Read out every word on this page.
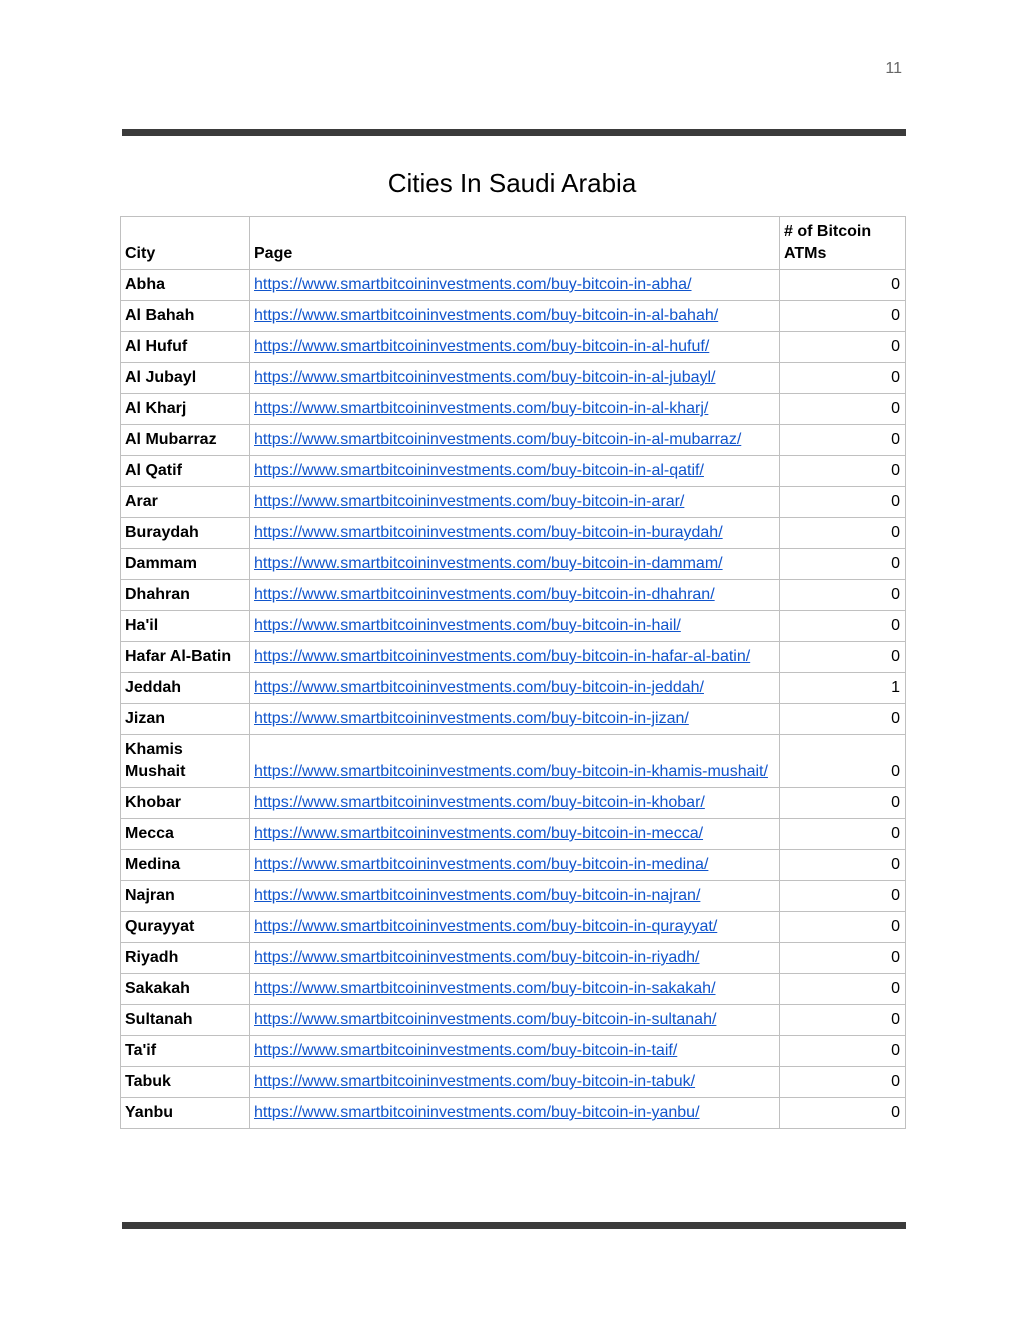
11
Cities In Saudi Arabia
City	Page	# of Bitcoin ATMs
Abha	https://www.smartbitcoininvestments.com/buy-bitcoin-in-abha/	0
Al Bahah	https://www.smartbitcoininvestments.com/buy-bitcoin-in-al-bahah/	0
Al Hufuf	https://www.smartbitcoininvestments.com/buy-bitcoin-in-al-hufuf/	0
Al Jubayl	https://www.smartbitcoininvestments.com/buy-bitcoin-in-al-jubayl/	0
Al Kharj	https://www.smartbitcoininvestments.com/buy-bitcoin-in-al-kharj/	0
Al Mubarraz	https://www.smartbitcoininvestments.com/buy-bitcoin-in-al-mubarraz/	0
Al Qatif	https://www.smartbitcoininvestments.com/buy-bitcoin-in-al-qatif/	0
Arar	https://www.smartbitcoininvestments.com/buy-bitcoin-in-arar/	0
Buraydah	https://www.smartbitcoininvestments.com/buy-bitcoin-in-buraydah/	0
Dammam	https://www.smartbitcoininvestments.com/buy-bitcoin-in-dammam/	0
Dhahran	https://www.smartbitcoininvestments.com/buy-bitcoin-in-dhahran/	0
Ha'il	https://www.smartbitcoininvestments.com/buy-bitcoin-in-hail/	0
Hafar Al-Batin	https://www.smartbitcoininvestments.com/buy-bitcoin-in-hafar-al-batin/	0
Jeddah	https://www.smartbitcoininvestments.com/buy-bitcoin-in-jeddah/	1
Jizan	https://www.smartbitcoininvestments.com/buy-bitcoin-in-jizan/	0
Khamis Mushait	https://www.smartbitcoininvestments.com/buy-bitcoin-in-khamis-mushait/	0
Khobar	https://www.smartbitcoininvestments.com/buy-bitcoin-in-khobar/	0
Mecca	https://www.smartbitcoininvestments.com/buy-bitcoin-in-mecca/	0
Medina	https://www.smartbitcoininvestments.com/buy-bitcoin-in-medina/	0
Najran	https://www.smartbitcoininvestments.com/buy-bitcoin-in-najran/	0
Qurayyat	https://www.smartbitcoininvestments.com/buy-bitcoin-in-qurayyat/	0
Riyadh	https://www.smartbitcoininvestments.com/buy-bitcoin-in-riyadh/	0
Sakakah	https://www.smartbitcoininvestments.com/buy-bitcoin-in-sakakah/	0
Sultanah	https://www.smartbitcoininvestments.com/buy-bitcoin-in-sultanah/	0
Ta'if	https://www.smartbitcoininvestments.com/buy-bitcoin-in-taif/	0
Tabuk	https://www.smartbitcoininvestments.com/buy-bitcoin-in-tabuk/	0
Yanbu	https://www.smartbitcoininvestments.com/buy-bitcoin-in-yanbu/	0
